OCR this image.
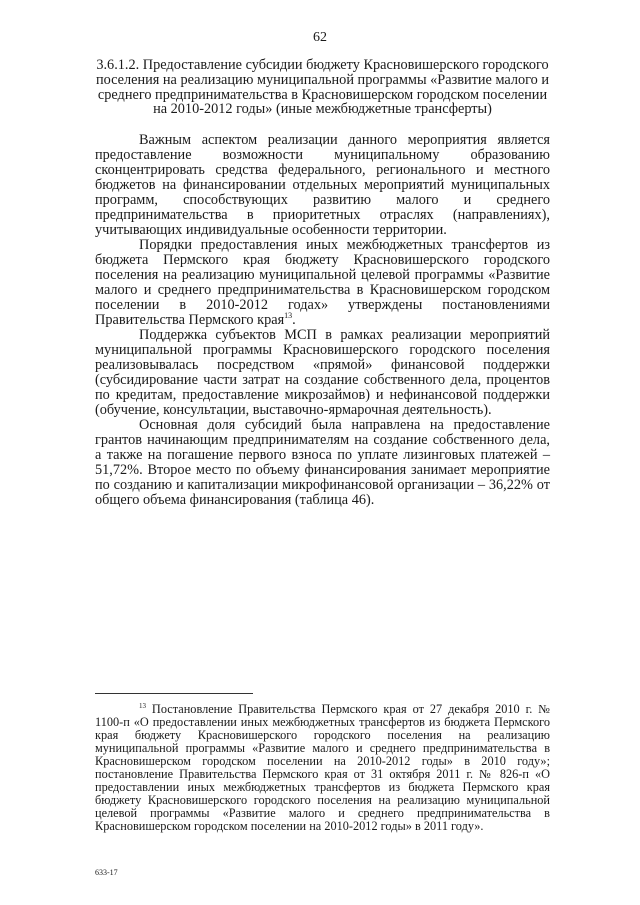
62
3.6.1.2. Предоставление субсидии бюджету Красновишерского городского поселения на реализацию муниципальной программы «Развитие малого и среднего предпринимательства в Красновишерском городском поселении на 2010-2012 годы» (иные межбюджетные трансферты)

Важным аспектом реализации данного мероприятия является предоставление возможности муниципальному образованию сконцентрировать средства федерального, регионального и местного бюджетов на финансировании отдельных мероприятий муниципальных программ, способствующих развитию малого и среднего предпринимательства в приоритетных отраслях (направлениях), учитывающих индивидуальные особенности территории.

Порядки предоставления иных межбюджетных трансфертов из бюджета Пермского края бюджету Красновишерского городского поселения на реализацию муниципальной целевой программы «Развитие малого и среднего предпринимательства в Красновишерском городском поселении в 2010-2012 годах» утверждены постановлениями Правительства Пермского края$^{13}$.

Поддержка субъектов МСП в рамках реализации мероприятий муниципальной программы Красновишерского городского поселения реализовывалась посредством «прямой» финансовой поддержки (субсидирование части затрат на создание собственного дела, процентов по кредитам, предоставление микрозаймов) и нефинансовой поддержки (обучение, консультации, выставочно-ярмарочная деятельность).

Основная доля субсидий была направлена на предоставление грантов начинающим предпринимателям на создание собственного дела, а также на погашение первого взноса по уплате лизинговых платежей – 51,72%. Второе место по объему финансирования занимает мероприятие по созданию и капитализации микрофинансовой организации – 36,22% от общего объема финансирования (таблица 46).

$^{13}$ Постановление Правительства Пермского края от 27 декабря 2010 г. № 1100-п «О предоставлении иных межбюджетных трансфертов из бюджета Пермского края бюджету Красновишерского городского поселения на реализацию муниципальной программы «Развитие малого и среднего предпринимательства в Красновишерском городском поселении на 2010-2012 годы» в 2010 году»; постановление Правительства Пермского края от 31 октября 2011 г. № 826-п «О предоставлении иных межбюджетных трансфертов из бюджета Пермского края бюджету Красновишерского городского поселения на реализацию муниципальной целевой программы «Развитие малого и среднего предпринимательства в Красновишерском городском поселении на 2010-2012 годы» в 2011 году».

633-17
